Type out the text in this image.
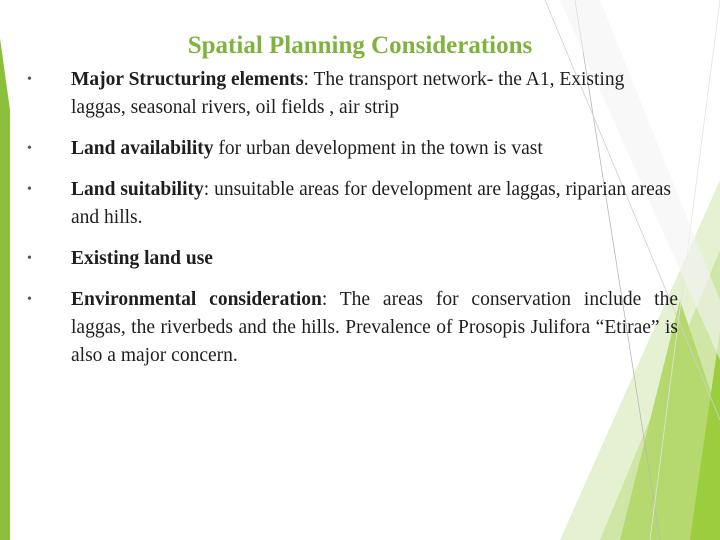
Spatial Planning Considerations
• Major Structuring elements: The transport network- the A1, Existing laggas, seasonal rivers, oil fields , air strip
• Land availability for urban development in the town is vast
• Land suitability: unsuitable areas for development are laggas, riparian areas and hills.
• Existing land use
• Environmental consideration: The areas for conservation include the laggas, the riverbeds and the hills. Prevalence of Prosopis Julifora “Etirae” is also a major concern.
